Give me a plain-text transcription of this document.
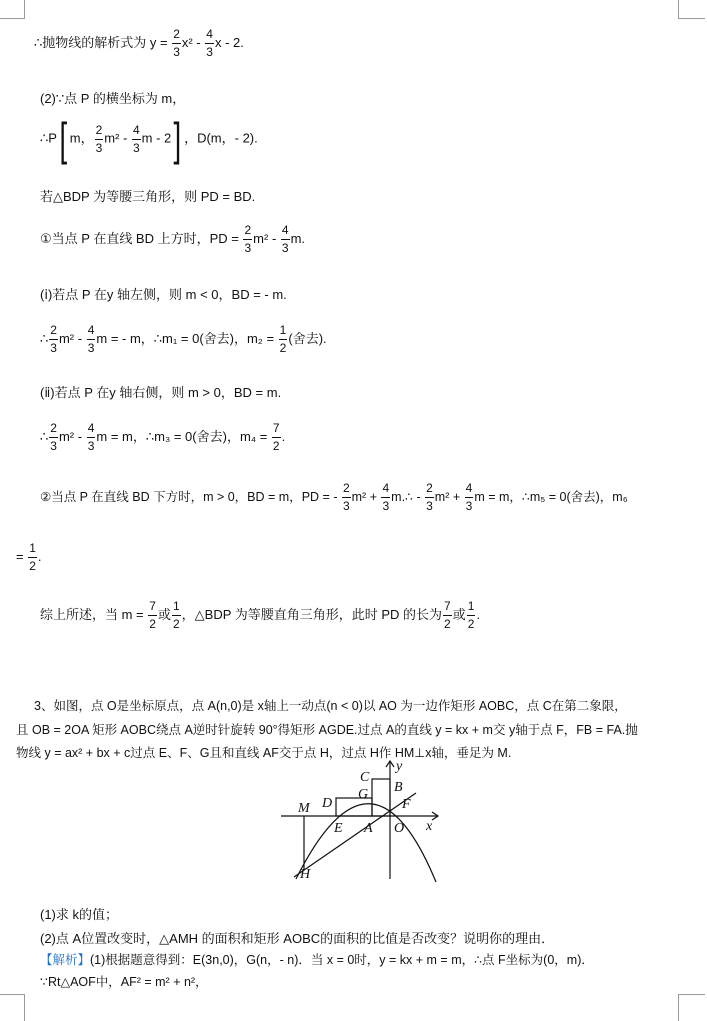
∴抛物线的解析式为 $y = \frac{2}{3} x^2 - \frac{4}{3}$ x - 2.
(2)∵点 P 的横坐标为 m，
∴P[ m， $\frac{2}{3} m^2 - \frac{4}{3}$ m - 2] ，D(m，- 2).
若△BDP 为等腰三角形，则 PD = BD.
①当点 P 在直线 BD 上方时，PD = $\frac{2}{3} m^2 - \frac{4}{3} m$.
(ⅰ)若点 P 在y 轴左侧，则 m < 0，BD = - m.
∴ $\frac{2}{3} m^2 - \frac{4}{3}$ m = - m，∴m₁ = 0(舍去)，$m_2 = \frac{1}{2}$ (舍去).
(ⅱ)若点 P 在y 轴右侧，则 m > 0，BD = m.
∴ $\frac{2}{3} m^2 - \frac{4}{3}$ m = m，∴m₃ = 0(舍去)，$m_4 = \frac{7}{2}$ .
②当点 P 在直线 BD 下方时，m > 0，BD = m，PD = - $\frac{2}{3} m^2 + \frac{4}{3}$ m.∴ - $\frac{2}{3} m^2 + \frac{4}{3}$ m = m，∴m₅ = 0(舍去)，m₆
= $\frac{1}{2}$ .
综上所述，当 $m = \frac{7}{2}$ 或 $\frac{1}{2}$ ，△BDP 为等腰直角三角形，此时 PD 的长为 $\frac{7}{2}$ 或 $\frac{1}{2}$ .
3、如图，点 O是坐标原点，点 A(n,0)是 x轴上一动点(n < 0)以 AO 为一边作矩形 AOBC，点 C在第二象限，
且 OB = 2OA 矩形 AOBC绕点 A逆时针旋转 90°得矩形 AGDE.过点 A的直线 y = kx + m交 y轴于点 F，FB = FA.抛
物线 y = ax² + bx + c过点 E、F、G且和直线 AF交于点 H，过点 H作 HM⊥x轴，垂足为 M.
y
x
C
B
G
F
M D
E A O
H
(1)求 k的值；
(2)点 A位置改变时，△AMH 的面积和矩形 AOBC的面积的比值是否改变？说明你的理由．
【解析】(1)根据题意得到：E(3n,0)，G(n，- n)．当 x = 0时，y = kx + m = m，∴点 F坐标为(0，m)．
∵Rt△AOF中，AF² = m² + n²，
